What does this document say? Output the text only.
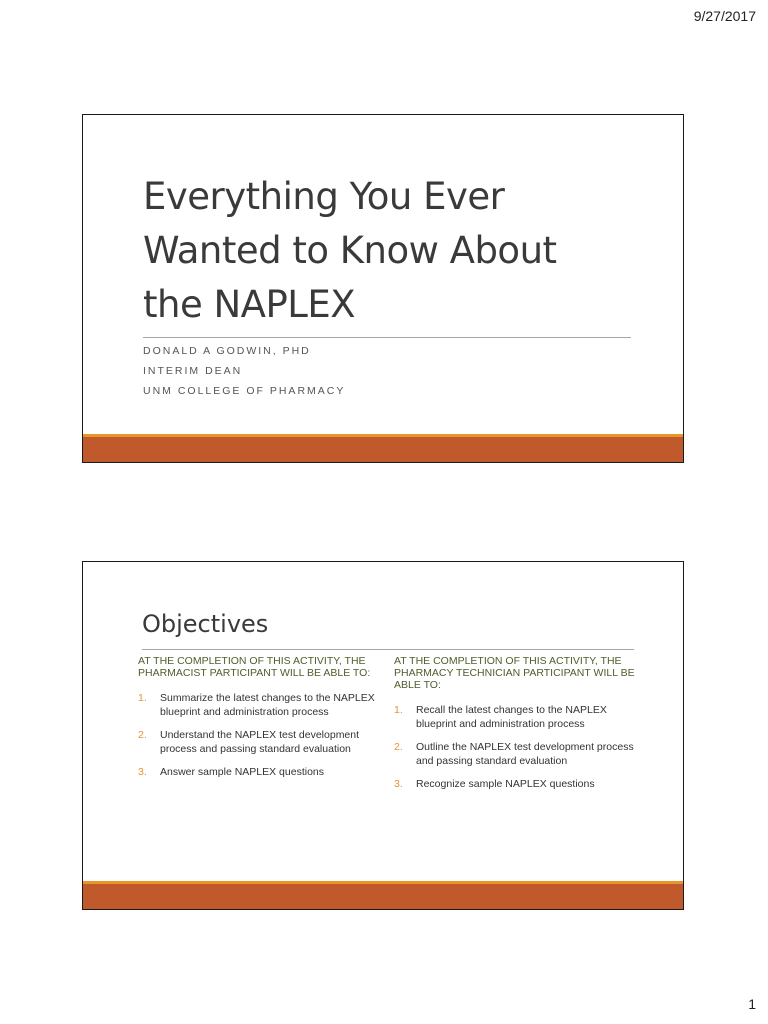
9/27/2017
Everything You Ever
Wanted to Know About
the NAPLEX
DONALD A GODWIN, PHD
INTERIM DEAN
UNM COLLEGE OF PHARMACY
Objectives
AT THE COMPLETION OF THIS ACTIVITY, THE PHARMACIST PARTICIPANT WILL BE ABLE TO:
1.	Summarize the latest changes to the NAPLEX blueprint and administration process
2.	Understand the NAPLEX test development process and passing standard evaluation
3.	Answer sample NAPLEX questions
AT THE COMPLETION OF THIS ACTIVITY, THE PHARMACY TECHNICIAN PARTICIPANT WILL BE ABLE TO:
1.	Recall the latest changes to the NAPLEX blueprint and administration process
2.	Outline the NAPLEX test development process and passing standard evaluation
3.	Recognize sample NAPLEX questions
1
